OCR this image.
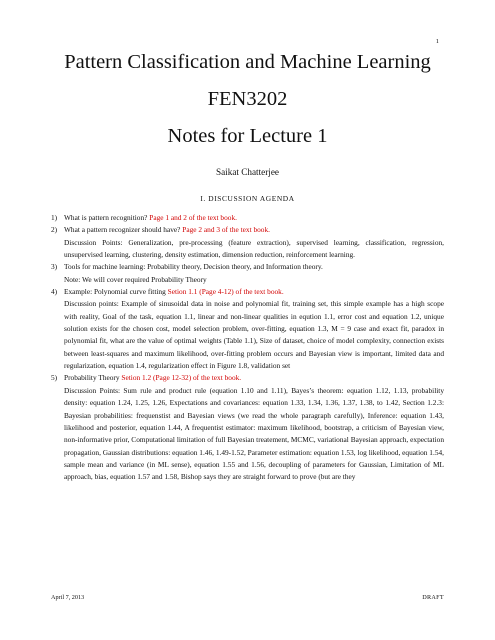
1
Pattern Classification and Machine Learning
FEN3202
Notes for Lecture 1
Saikat Chatterjee
I. DISCUSSION AGENDA
1) What is pattern recognition? Page 1 and 2 of the text book.
2) What a pattern recognizer should have? Page 2 and 3 of the text book.
Discussion Points: Generalization, pre-processing (feature extraction), supervised learning, classification, regression, unsupervised learning, clustering, density estimation, dimension reduction, reinforcement learning.
3) Tools for machine learning: Probability theory, Decision theory, and Information theory.
Note: We will cover required Probability Theory
4) Example: Polynomial curve fitting Setion 1.1 (Page 4-12) of the text book.
Discussion points: Example of sinusoidal data in noise and polynomial fit, training set, this simple example has a high scope with reality, Goal of the task, equation 1.1, linear and non-linear qualities in eqution 1.1, error cost and equation 1.2, unique solution exists for the chosen cost, model selection problem, over-fitting, equation 1.3, M = 9 case and exact fit, paradox in polynomial fit, what are the value of optimal weights (Table 1.1), Size of dataset, choice of model complexity, connection exists between least-squares and maximum likelihood, over-fitting problem occurs and Bayesian view is important, limited data and regularization, equation 1.4, regularization effect in Figure 1.8, validation set
5) Probability Theory Setion 1.2 (Page 12-32) of the text book.
Discussion Points: Sum rule and product rule (equation 1.10 and 1.11), Bayes’s theorem: equation 1.12, 1.13, probability density: equation 1.24, 1.25, 1.26, Expectations and covariances: equation 1.33, 1.34, 1.36, 1.37, 1.38, to 1.42, Section 1.2.3: Bayesian probabilities: frequenstist and Bayesian views (we read the whole paragraph carefully), Inference: equation 1.43, likelihood and posterior, equation 1.44, A frequentist estimator: maximum likelihood, bootstrap, a criticism of Bayesian view, non-informative prior, Computational limitation of full Bayesian treatement, MCMC, variational Bayesian approach, expectation propagation, Gaussian distributions: equation 1.46, 1.49-1.52, Parameter estimation: equation 1.53, log likelihood, equation 1.54, sample mean and variance (in ML sense), equation 1.55 and 1.56, decoupling of parameters for Gaussian, Limitation of ML approach, bias, equation 1.57 and 1.58, Bishop says they are straight forward to prove (but are they
April 7, 2013	DRAFT
